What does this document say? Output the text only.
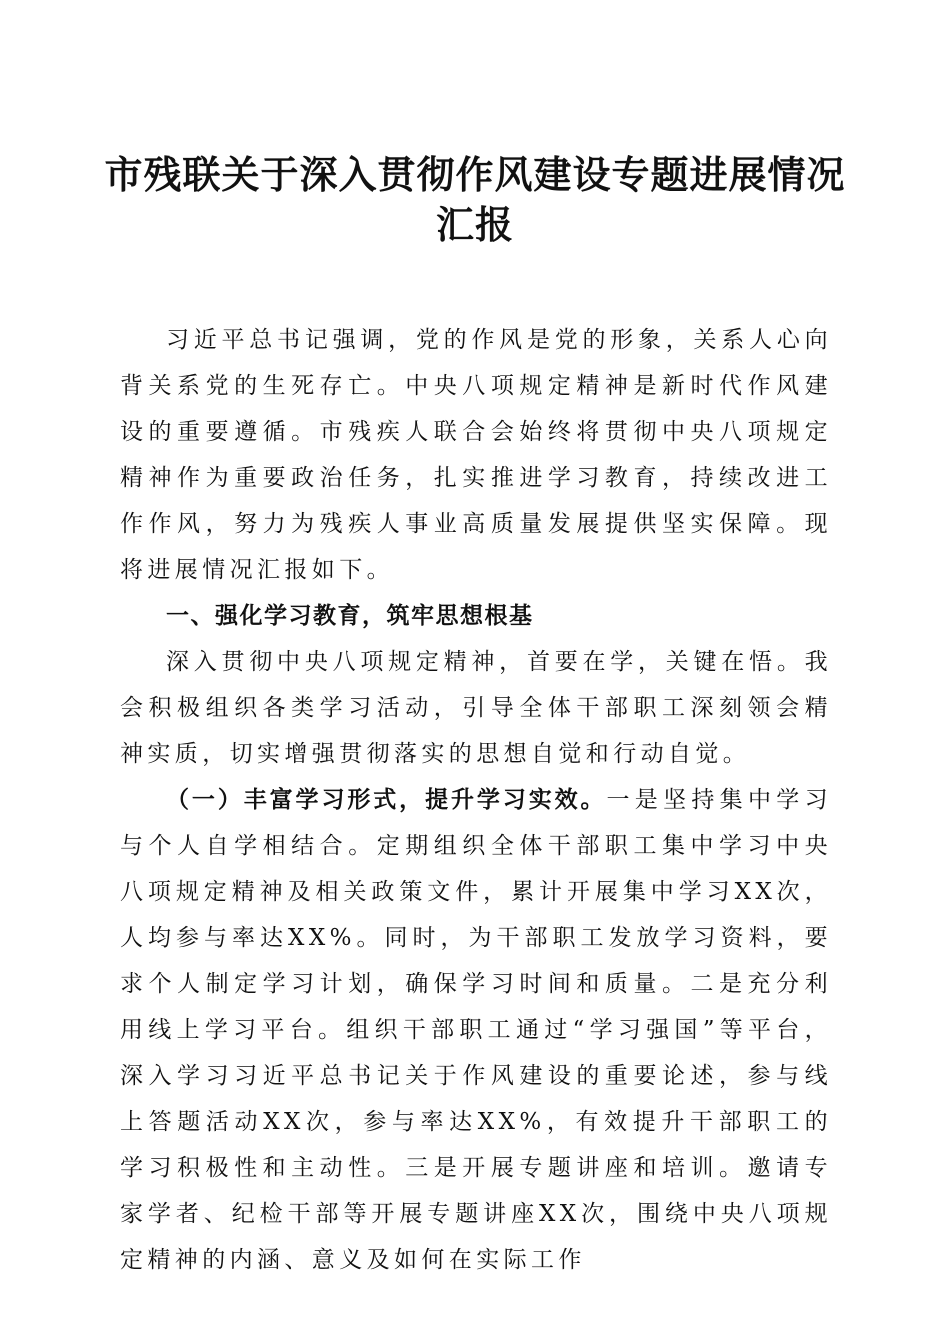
市残联关于深入贯彻作风建设专题进展情况汇报

习近平总书记强调，党的作风是党的形象，关系人心向背关系党的生死存亡。中央八项规定精神是新时代作风建设的重要遵循。市残疾人联合会始终将贯彻中央八项规定精神作为重要政治任务，扎实推进学习教育，持续改进工作作风，努力为残疾人事业高质量发展提供坚实保障。现将进展情况汇报如下。

一、强化学习教育，筑牢思想根基

深入贯彻中央八项规定精神，首要在学，关键在悟。我会积极组织各类学习活动，引导全体干部职工深刻领会精神实质，切实增强贯彻落实的思想自觉和行动自觉。

（一）丰富学习形式，提升学习实效。一是坚持集中学习与个人自学相结合。定期组织全体干部职工集中学习中央八项规定精神及相关政策文件，累计开展集中学习XX次，人均参与率达XX%。同时，为干部职工发放学习资料，要求个人制定学习计划，确保学习时间和质量。二是充分利用线上学习平台。组织干部职工通过“学习强国”等平台，深入学习习近平总书记关于作风建设的重要论述，参与线上答题活动XX次，参与率达XX%，有效提升干部职工的学习积极性和主动性。三是开展专题讲座和培训。邀请专家学者、纪检干部等开展专题讲座XX次，围绕中央八项规定精神的内涵、意义及如何在实际工作
